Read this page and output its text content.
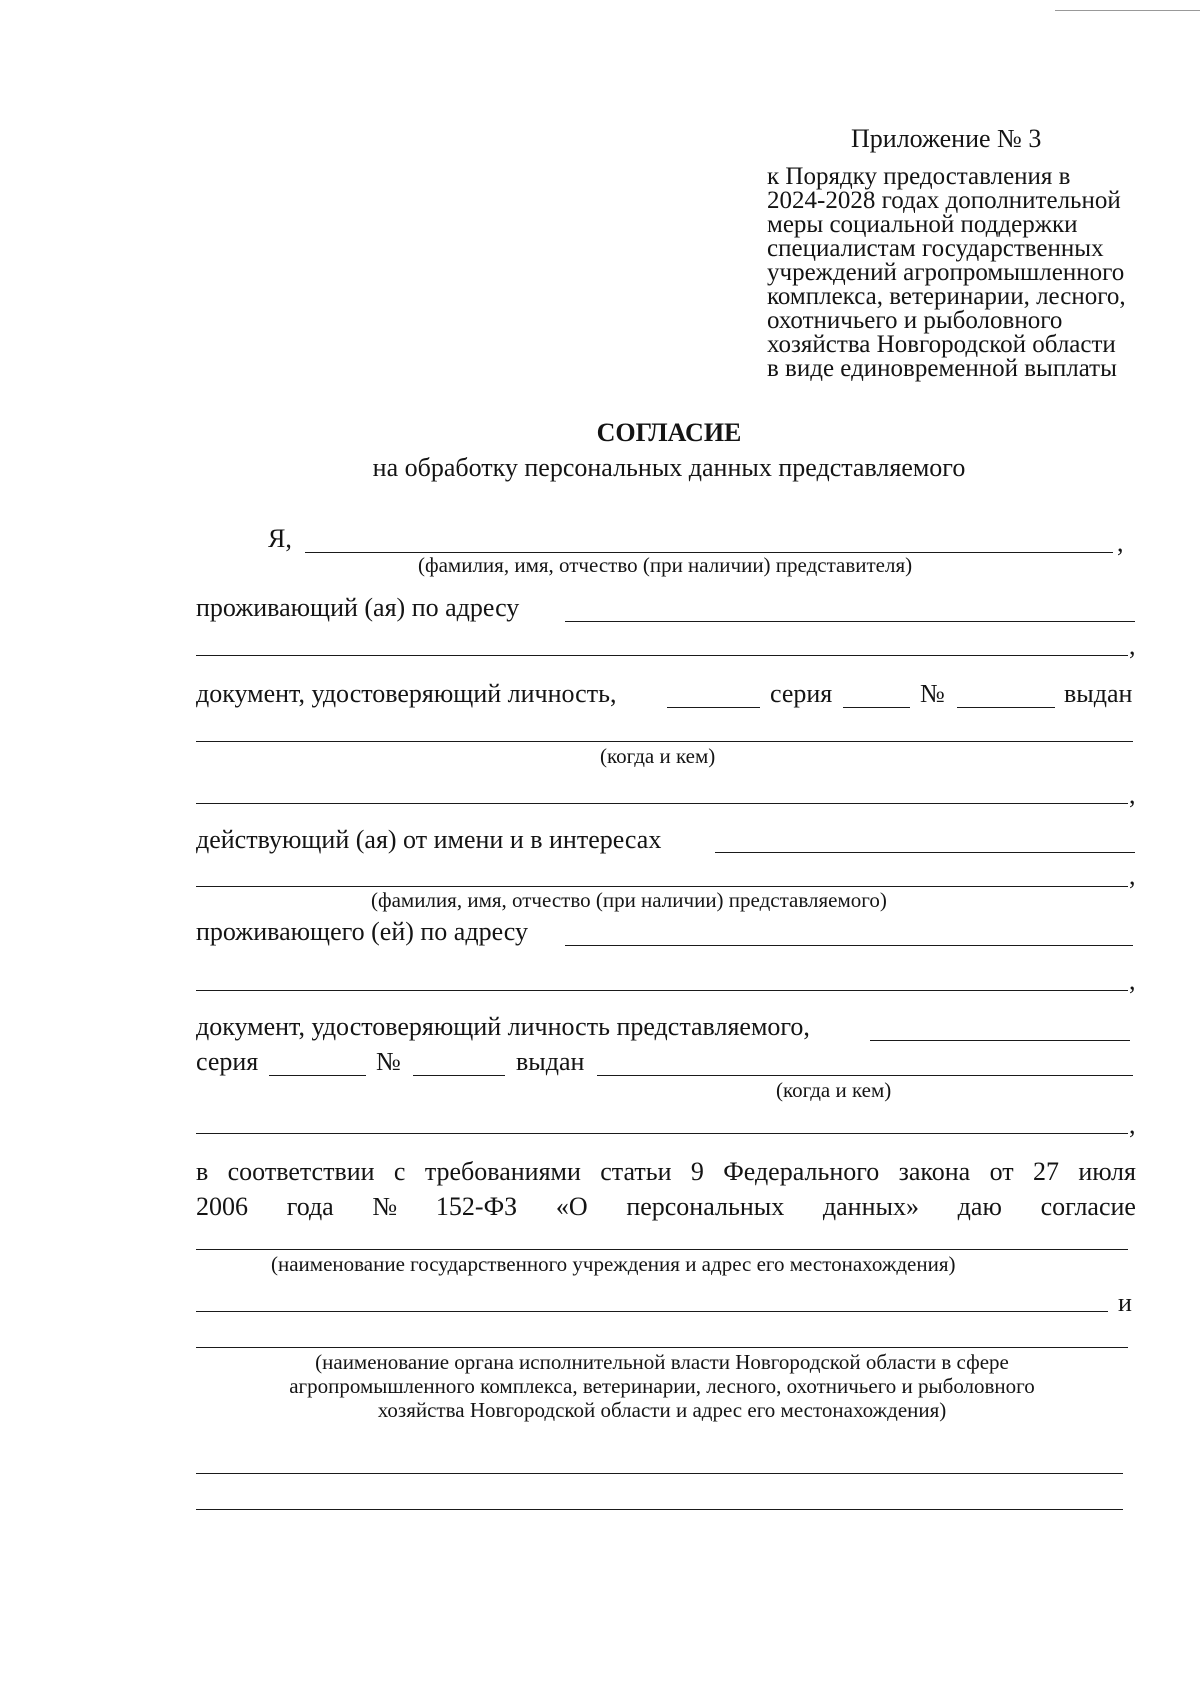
Приложение № 3
к Порядку предоставления в
2024-2028 годах дополнительной
меры социальной поддержки
специалистам государственных
учреждений агропромышленного
комплекса, ветеринарии, лесного,
охотничьего и рыболовного
хозяйства Новгородской области
в виде единовременной выплаты
СОГЛАСИЕ
на обработку персональных данных представляемого
Я,	,
(фамилия, имя, отчество (при наличии) представителя)
проживающий (ая) по адресу
,
документ, удостоверяющий личность,	серия	№	выдан
(когда и кем)
,
действующий (ая) от имени и в интересах
,
(фамилия, имя, отчество (при наличии) представляемого)
проживающего (ей) по адресу
,
документ, удостоверяющий личность представляемого,
серия	№	выдан
(когда и кем)
,
в соответствии с требованиями статьи 9 Федерального закона от 27 июля
2006 года № 152-ФЗ «О персональных данных» даю согласие
(наименование государственного учреждения и адрес его местонахождения)
и
(наименование органа исполнительной власти Новгородской области в сфере
агропромышленного комплекса, ветеринарии, лесного, охотничьего и рыболовного
хозяйства Новгородской области и адрес его местонахождения)
